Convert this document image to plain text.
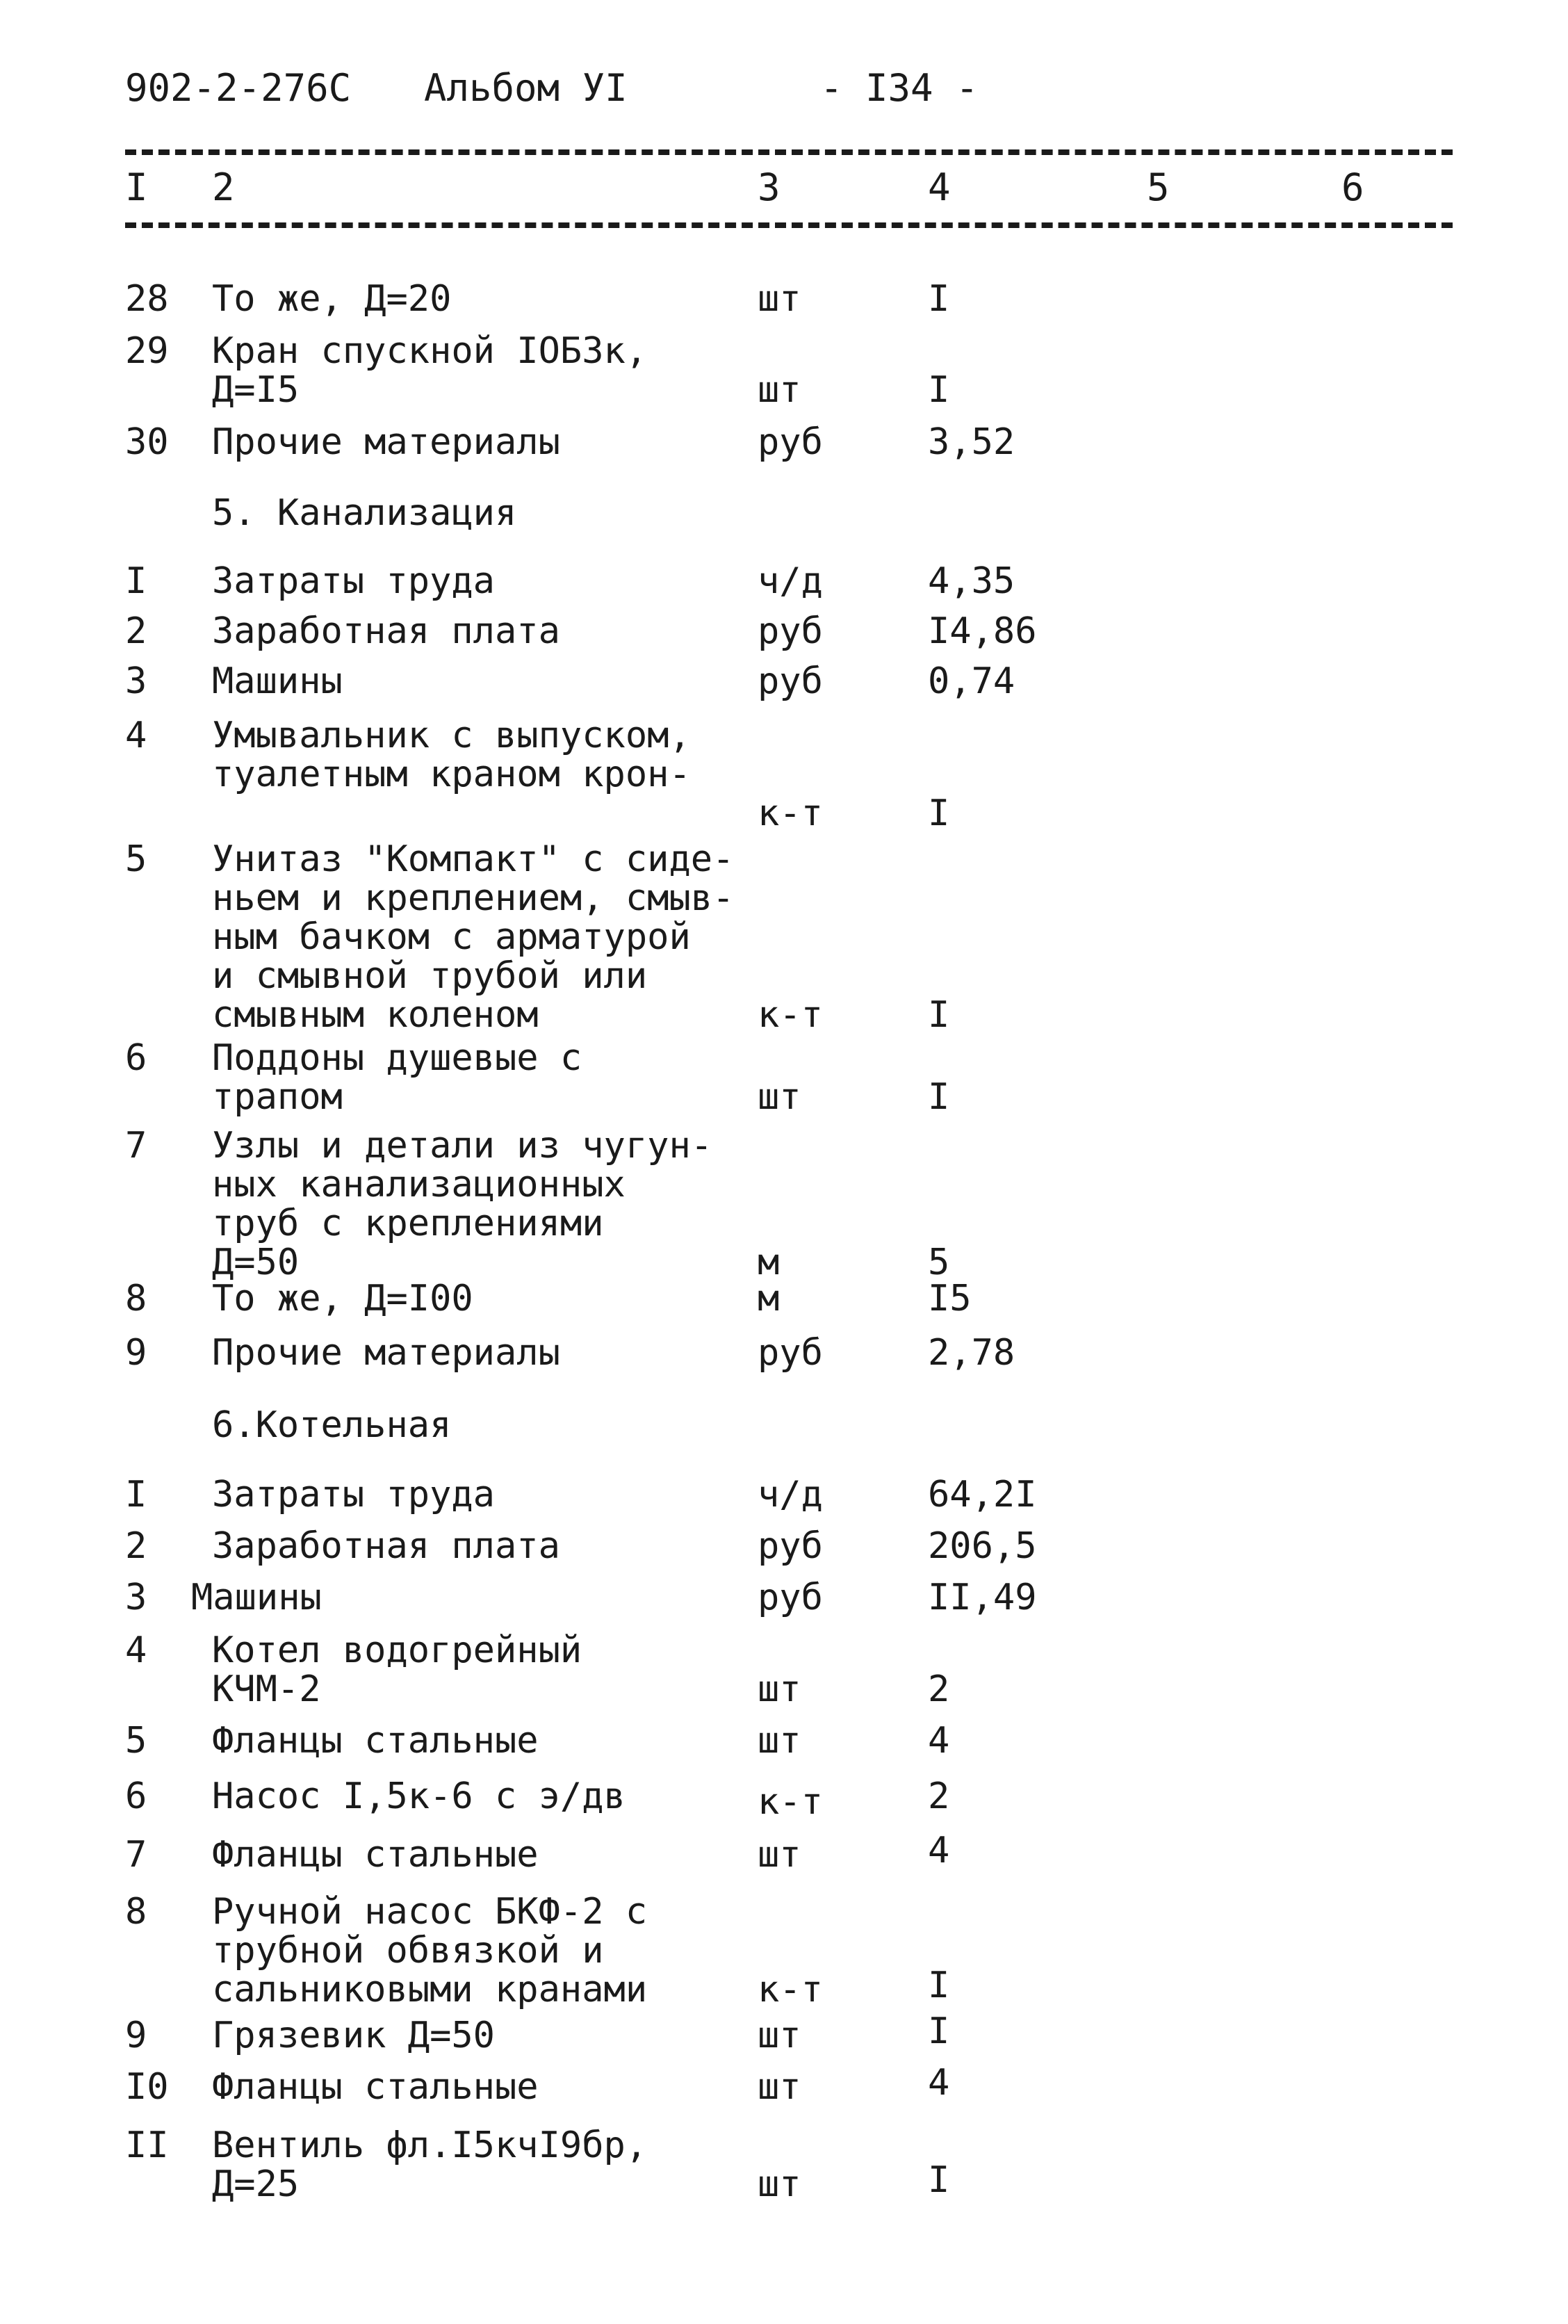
902-2-276С Альбом УI	- I34 -
I 2	3	4	5	6
28 То же, Д=20	шт	I
29 Кран спускной IОБЗк,
Д=I5	шт	I
30 Прочие материалы	руб	3,52
5. Канализация
I Затраты труда	ч/д	4,35
2 Заработная плата	руб	I4,86
3 Машины	руб	0,74
4 Умывальник с выпуском,
туалетным краном крон-
к-т	I
5 Унитаз "Компакт" с сиде-
ньем и креплением, смыв-
ным бачком с арматурой
и смывной трубой или
смывным коленом	к-т	I
6 Поддоны душевые с
трапом	шт	I
7 Узлы и детали из чугун-
ных канализационных
труб с креплениями
Д=50	м	5
8 То же, Д=I00	м	I5
9 Прочие материалы	руб	2,78
6.Котельная
I Затраты труда	ч/д	64,2I
2 Заработная плата	руб	206,5
3 Машины	руб	II,49
4 Котел водогрейный
КЧМ-2	шт	2
5 Фланцы стальные	шт	4
6 Насос I,5к-6 с э/дв	к-т	2
7 Фланцы стальные	шт	4
8 Ручной насос БКФ-2 с
трубной обвязкой и
сальниковыми кранами	к-т	I
9 Грязевик Д=50	шт	I
I0 Фланцы стальные	шт	4
II Вентиль фл.I5кчI9бр,
Д=25	шт	I
